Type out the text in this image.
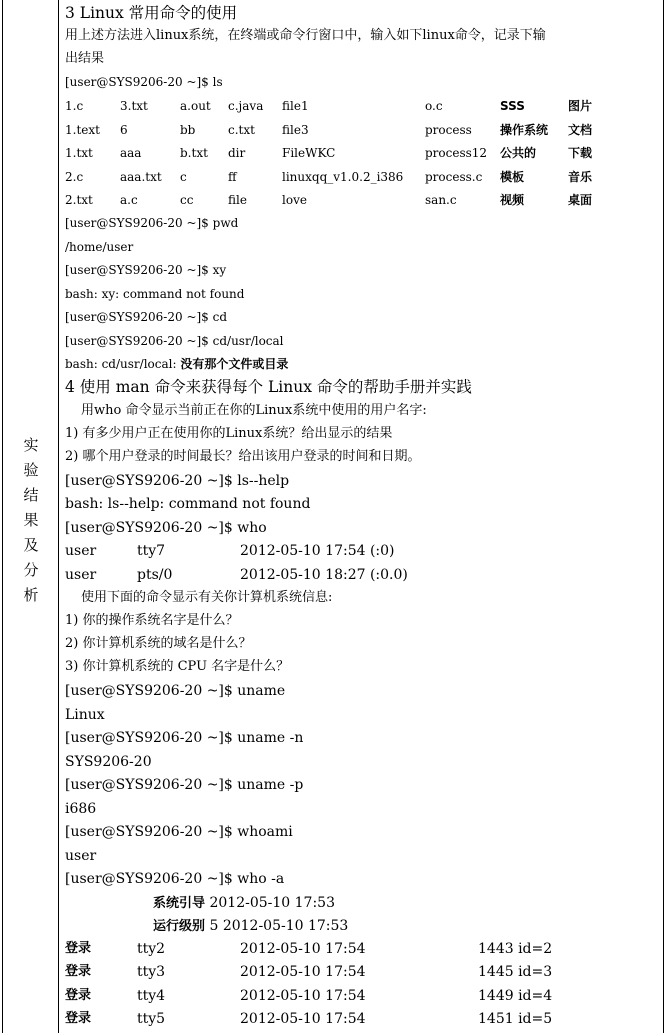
实
验
结
果
及
分
析
3 Linux 常用命令的使用
用上述方法进入linux系统，在终端或命令行窗口中，输入如下linux命令，记录下输
出结果
[user@SYS9206-20 ~]$ ls
1.c	3.txt	a.out c.java file1	o.c	SSS	图片
1.text 6	bb	c.txt file3	process 操作系统 文档
1.txt aaa	b.txt dir	FileWKC	process12 公共的	下载
2.c	aaa.txt c	ff	linuxqq_v1.0.2_i386 process.c 模板	音乐
2.txt a.c	cc	file	love	san.c	视频	桌面
[user@SYS9206-20 ~]$ pwd
/home/user
[user@SYS9206-20 ~]$ xy
bash: xy: command not found
[user@SYS9206-20 ~]$ cd
[user@SYS9206-20 ~]$ cd/usr/local
bash: cd/usr/local: 没有那个文件或目录
4 使用 man 命令来获得每个 Linux 命令的帮助手册并实践
用who 命令显示当前正在你的Linux系统中使用的用户名字:
1) 有多少用户正在使用你的Linux系统？给出显示的结果
2) 哪个用户登录的时间最长？给出该用户登录的时间和日期。
[user@SYS9206-20 ~]$ ls--help
bash: ls--help: command not found
[user@SYS9206-20 ~]$ who
user	tty7	2012-05-10 17:54 (:0)
user	pts/0	2012-05-10 18:27 (:0.0)
使用下面的命令显示有关你计算机系统信息:
1) 你的操作系统名字是什么？
2) 你计算机系统的域名是什么？
3) 你计算机系统的 CPU 名字是什么？
[user@SYS9206-20 ~]$ uname
Linux
[user@SYS9206-20 ~]$ uname -n
SYS9206-20
[user@SYS9206-20 ~]$ uname -p
i686
[user@SYS9206-20 ~]$ whoami
user
[user@SYS9206-20 ~]$ who -a
系统引导 2012-05-10 17:53
运行级别 5 2012-05-10 17:53
登录	tty2	2012-05-10 17:54	1443 id=2
登录	tty3	2012-05-10 17:54	1445 id=3
登录	tty4	2012-05-10 17:54	1449 id=4
登录	tty5	2012-05-10 17:54	1451 id=5
